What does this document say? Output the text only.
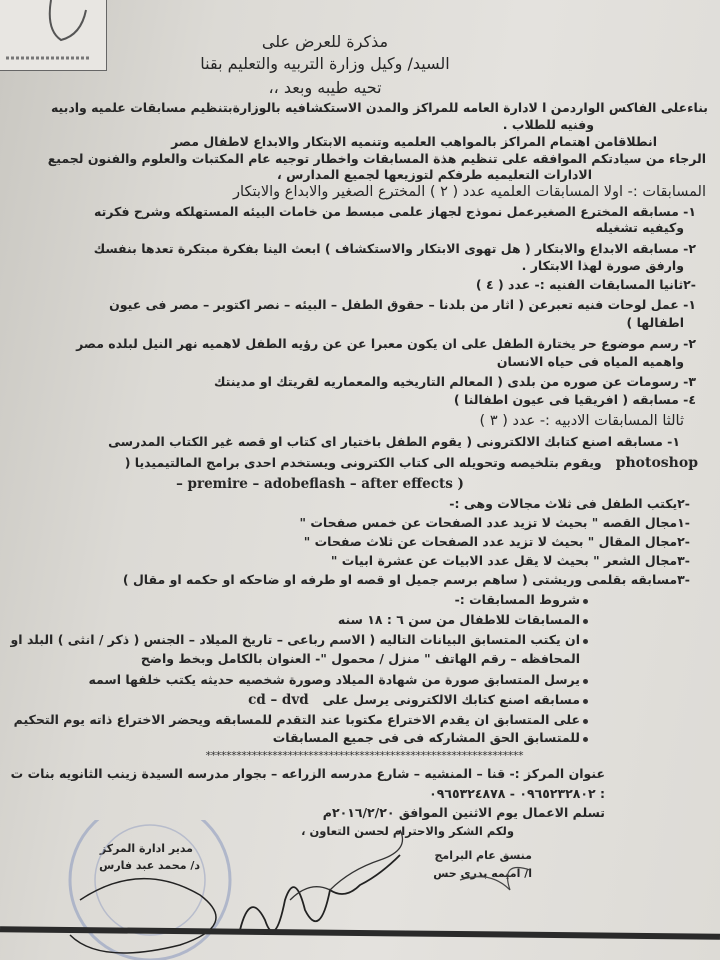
مذكرة للعرض على
السيد/ وكيل وزارة التربيه والتعليم بقنا
تحيه طيبه وبعد ،،
بناءعلى الفاكس الواردمن ا لادارة العامه للمراكز والمدن الاستكشافيه بالوزارةبتنظيم مسابقات علميه وادبيه
وفنيه للطلاب .
انطلاقامن اهتمام المراكز بالمواهب العلميه وتنميه الابتكار والابداع لاطفال مصر
الرجاء من سيادتكم الموافقه على تنظيم هذة المسابقات واخطار توجيه عام المكتبات والعلوم والفنون لجميع
الادارات التعليميه طرفكم لتوزيعها لجميع المدارس ،
المسابقات :- اولا المسابقات العلميه عدد ( ٢ ) المخترع الصغير والابداع والابتكار
١- مسابقه المخترع الصغيرعمل نموذج لجهاز علمى مبسط من خامات البيئه المستهلكه وشرح فكرته
وكيفيه تشغيله
٢- مسابقه الابداع والابتكار ( هل تهوى الابتكار والاستكشاف ) ابعث الينا بفكرة مبتكرة تعدها بنفسك
وارفق صورة لهذا الابتكار .
-٢ثانيا المسابقات الفنيه :- عدد ( ٤ )
١- عمل لوحات فنيه تعبرعن ( اثار من بلدنا – حقوق الطفل – البيئه – نصر اكتوبر – مصر فى عيون
اطفالها )
٢- رسم موضوع حر يختارة الطفل على ان يكون معبرا عن عن رؤيه الطفل لاهميه نهر النيل لبلده مصر
واهميه المياه فى حياه الانسان
٣- رسومات عن صوره من بلدى ( المعالم التاريخيه والمعماريه لقريتك او مدينتك
٤- مسابقه ( افريقيا فى عيون اطفالنا )
ثالثا المسابقات الادبيه :- عدد ( ٣ )
١- مسابقه اصنع كتابك الالكترونى ( يقوم الطفل باختيار اى كتاب او قصه غير الكتاب المدرسى
photoshop
ويقوم بتلخيصه وتحويله الى كتاب الكترونى ويستخدم احدى برامج المالتيميديا (
– premire – adobeflash – after effects )
-٢يكتب الطفل فى ثلاث مجالات وهى :-
-١مجال القصه " بحيث لا تزيد عدد الصفحات عن خمس صفحات "
-٢مجال المقال " بحيث لا تزيد عدد الصفحات عن ثلاث صفحات "
-٣مجال الشعر " بحيث لا يقل عدد الابيات عن عشرة ابيات "
-٣مسابقه بقلمى وريشتى ( ساهم برسم جميل او قصه او طرفه او ضاحكه او حكمه او مقال )
شروط المسابقات :-
المسابقات للاطفال من سن ٦ : ١٨ سنه
ان يكتب المتسابق البيانات التاليه ( الاسم رباعى – تاريخ الميلاد – الجنس ( ذكر / انثى ) البلد او
المحافظه – رقم الهاتف " منزل / محمول "- العنوان بالكامل وبخط واضح
يرسل المتسابق صورة من شهادة الميلاد وصورة شخصيه حديثه يكتب خلفها اسمه
مسابقه اصنع كتابك الالكترونى يرسل على
cd – dvd
على المتسابق ان يقدم الاختراع مكتوبا عند التقدم للمسابقه ويحضر الاختراع ذاته يوم التحكيم
للمتسابق الحق المشاركه فى فى جميع المسابقات
**************************************************************
عنوان المركز :- قنا – المنشيه – شارع مدرسه الزراعه – بجوار مدرسه السيدة زينب الثانويه بنات ت
: ٠٩٦٥٢٣٢٨٠٢ - ٠٩٦٥٣٢٤٨٧٨
تسلم الاعمال يوم الاثنين الموافق ٢٠١٦/٢/٢٠م
ولكم الشكر والاحترام لحسن التعاون ،
مدير ادارة المركز
د/ محمد عبد فارس
منسق عام البرامج
ا/ اميمه بدرى حس
